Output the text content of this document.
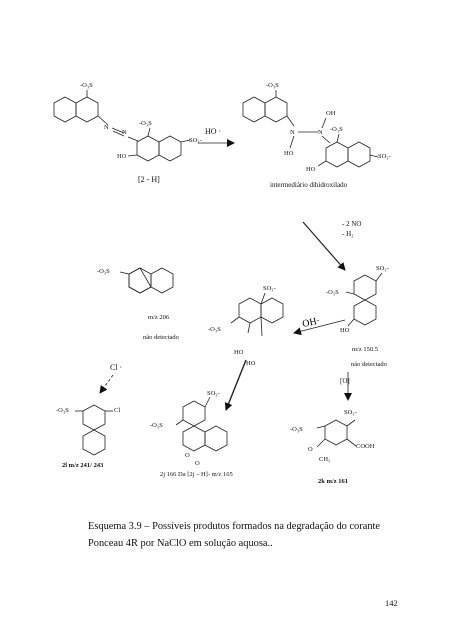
OH·
-O₃S
N
N
-O₃S
SO₃-
HO
[2 - H]
HO ·
-O₃S
N	N
OH
HO
-O₃S
SO₃-
HO
intermediário dihidroxilado
- 2 NO
- H₂
-O₃S
m/z 206
não detectado
SO₃-
-O₃S
HO
m/z 150.5
não detectado
SO₃-
-O₃S
HO
HO
Cl ·
[O]
-O₃S	Cl
2l m/z 241/ 243
SO₃-
-O₃S
O
O
2j 166 Da [2j – H]- m/z 165
SO₃-
-O₃S
COOH
O
CH₃
2k m/z 161
Esquema 3.9 – Possíveis produtos formados na degradação do corante Ponceau 4R por NaClO em solução aquosa..
142
